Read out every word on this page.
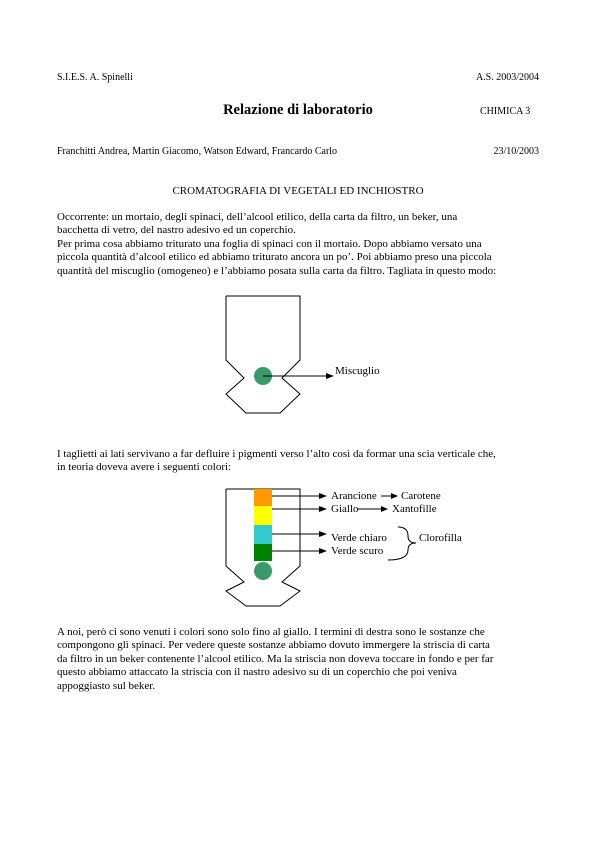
S.I.E.S. A. Spinelli	A.S. 2003/2004
Relazione di laboratorio	CHIMICA 3
Franchitti Andrea, Martin Giacomo, Watson Edward, Francardo Carlo	23/10/2003
CROMATOGRAFIA DI VEGETALI ED INCHIOSTRO
Occorrente: un mortaio, degli spinaci, dell’alcool etilico, della carta da filtro, un beker, una
bacchetta di vetro, del nastro adesivo ed un coperchio.
Per prima cosa abbiamo triturato una foglia di spinaci con il mortaio. Dopo abbiamo versato una
piccola quantità d’alcool etilico ed abbiamo triturato ancora un po’. Poi abbiamo preso una piccola
quantità del miscuglio (omogeneo) e l’abbiamo posata sulla carta da filtro. Tagliata in questo modo:
Miscuglio
I taglietti ai lati servivano a far defluire i pigmenti verso l’alto così da formar una scia verticale che,
in teoria doveva avere i seguenti colori:
Arancione
Giallo
Verde chiaro
Verde scuro
Carotene
Xantofille
Clorofilla
A noi, però ci sono venuti i colori sono solo fino al giallo. I termini di destra sono le sostanze che
compongono gli spinaci. Per vedere queste sostanze abbiamo dovuto immergere la striscia di carta
da filtro in un beker contenente l’alcool etilico. Ma la striscia non doveva toccare in fondo e per far
questo abbiamo attaccato la striscia con il nastro adesivo su di un coperchio che poi veniva
appoggiasto sul beker.
